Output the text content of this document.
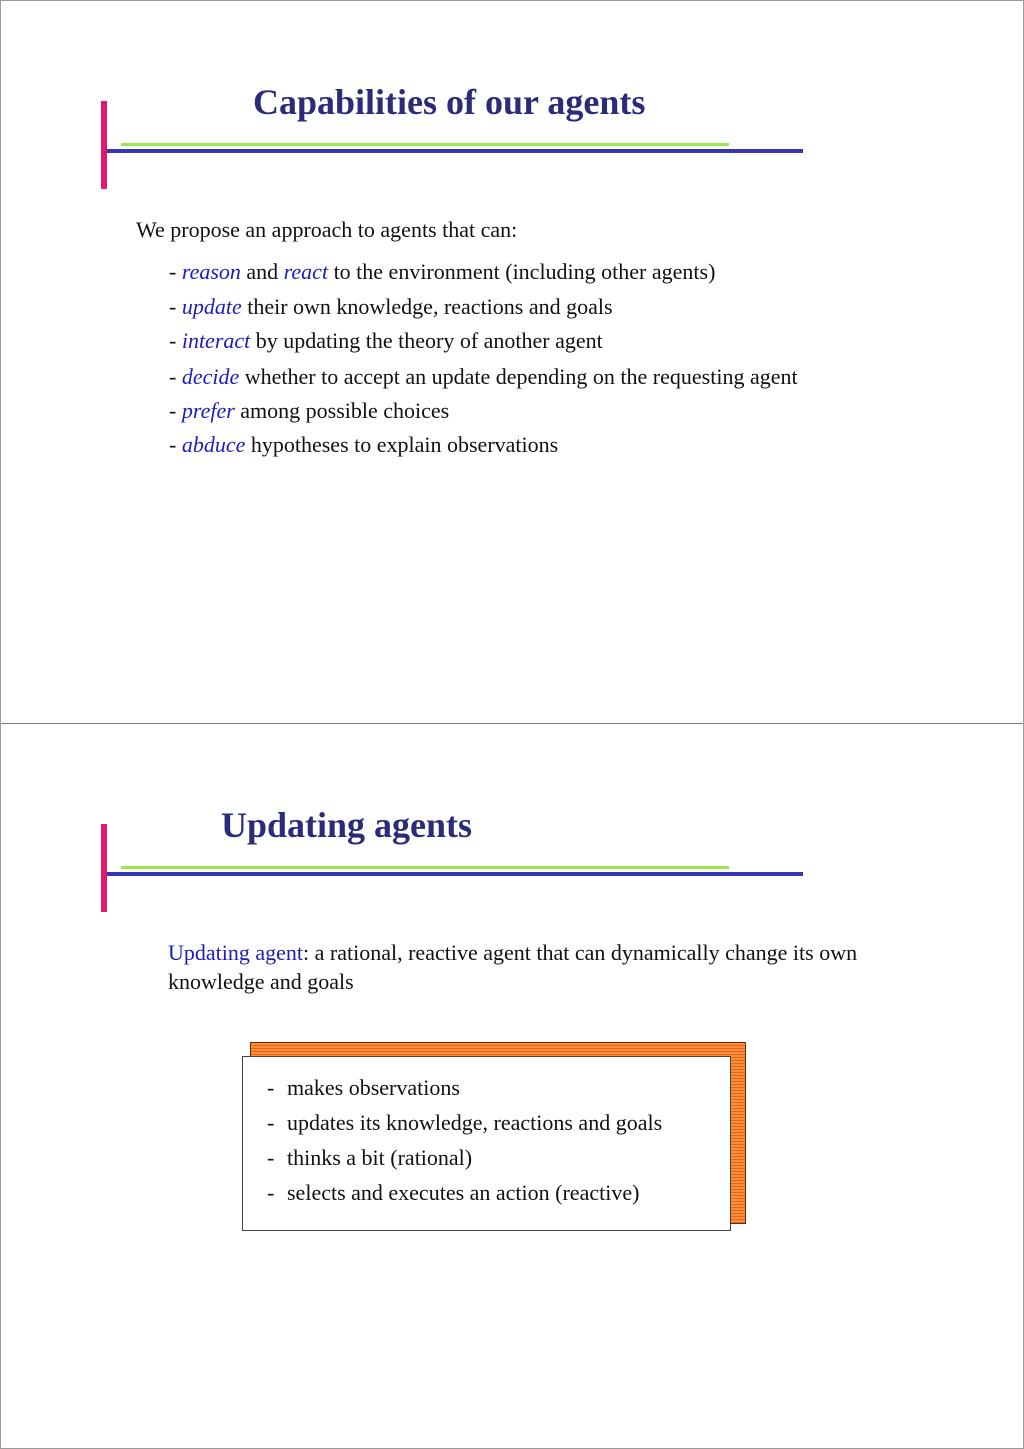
Capabilities of our agents
We propose an approach to agents that can:
- reason and react to the environment (including other agents)
- update their own knowledge, reactions and goals
- interact by updating the theory of another agent
- decide whether to accept an update depending on the requesting agent
- prefer among possible choices
- abduce hypotheses to explain observations
Updating agents
Updating agent: a rational, reactive agent that can dynamically change its own knowledge and goals
- makes observations
- updates its knowledge, reactions and goals
- thinks a bit (rational)
- selects and executes an action (reactive)
